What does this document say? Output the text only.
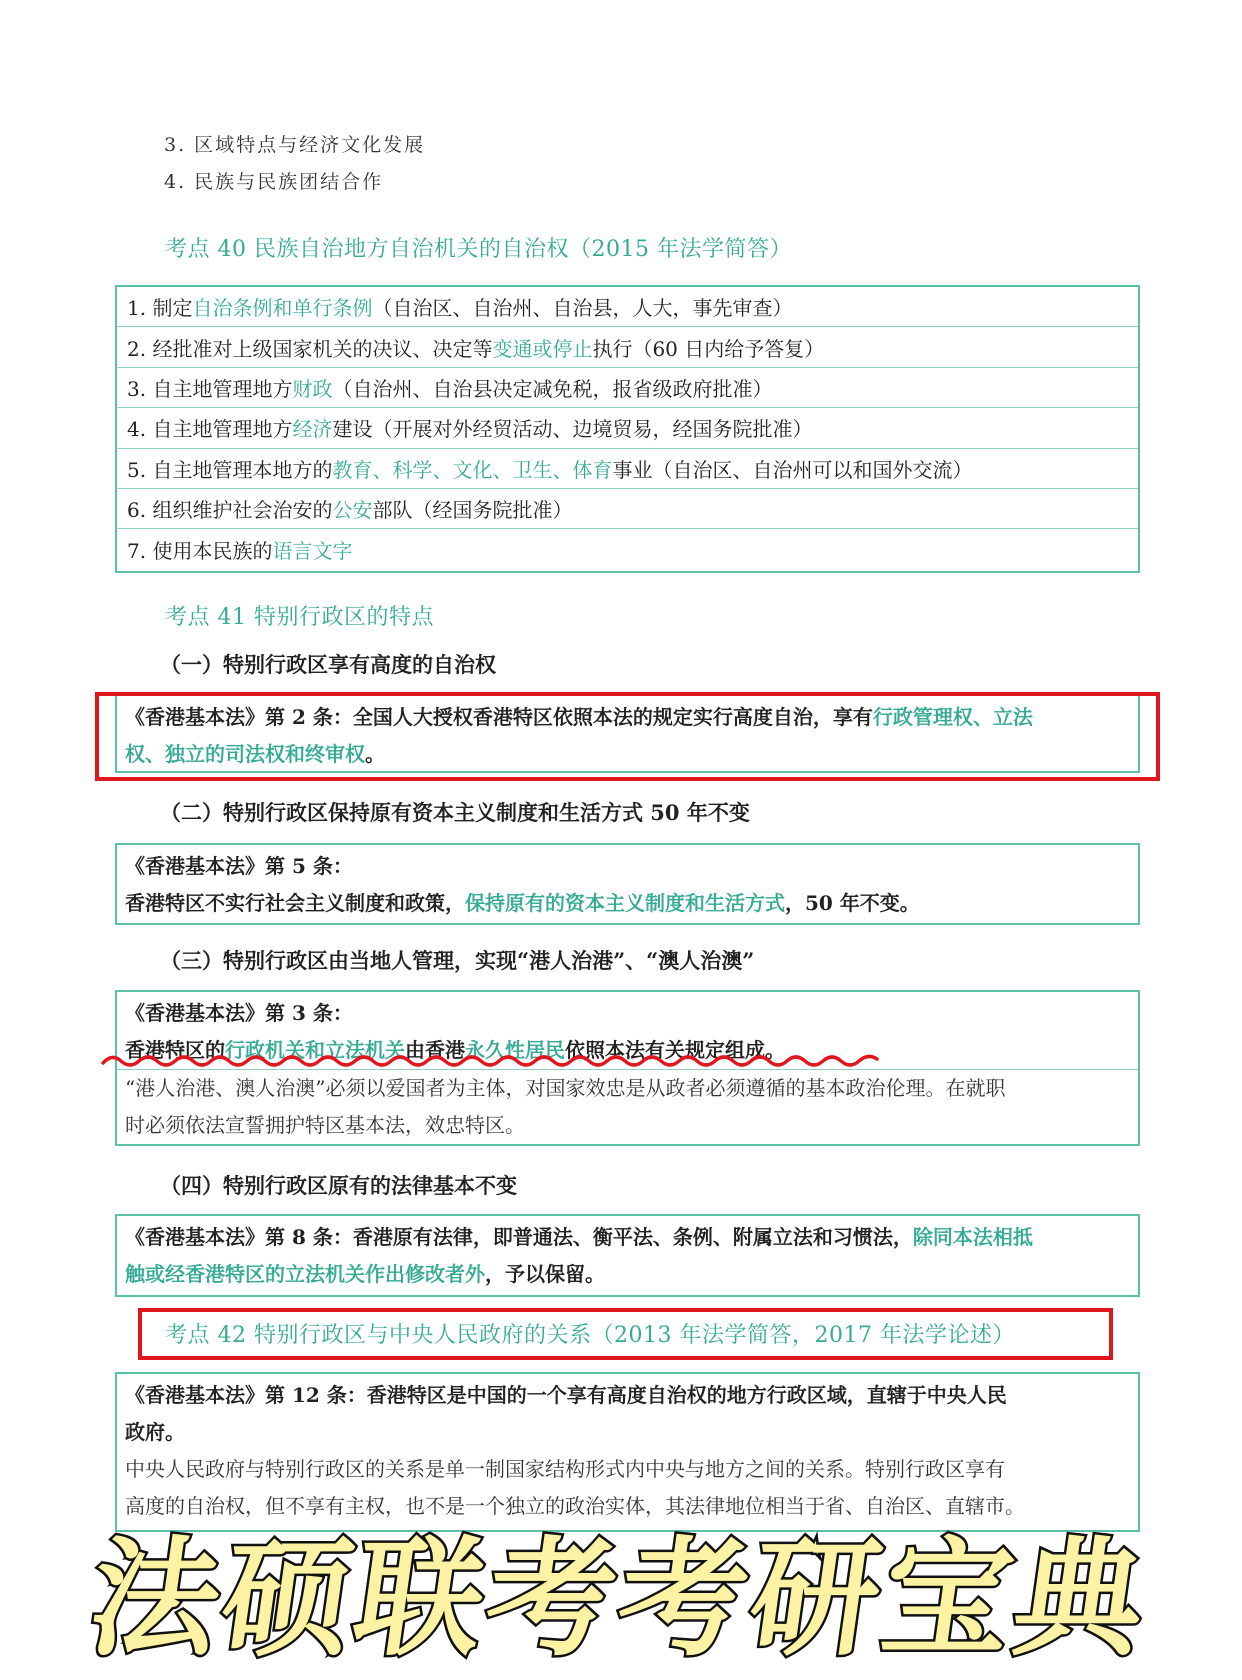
3. 区域特点与经济文化发展
4. 民族与民族团结合作
考点 40 民族自治地方自治机关的自治权（2015 年法学简答）
1. 制定 自治条例和单行条例 （自治区、自治州、自治县，人大，事先审查）
2. 经批准对上级国家机关的决议、决定等 变通或停止 执行（60 日内给予答复）
3. 自主地管理地方 财政 （自治州、自治县决定减免税，报省级政府批准）
4. 自主地管理地方 经济 建设（开展对外经贸活动、边境贸易，经国务院批准）
5. 自主地管理本地方的 教育、科学、文化、卫生、体育 事业（自治区、自治州可以和国外交流）
6. 组织维护社会治安的 公安 部队（经国务院批准）
7. 使用本民族的 语言文字
考点 41 特别行政区的特点
（一）特别行政区享有高度的自治权
《香港基本法》第 2 条：全国人大授权香港特区依照本法的规定实行高度自治，享有行政管理权、立法
权、独立的司法权和终审权。
（二）特别行政区保持原有资本主义制度和生活方式 50 年不变
《香港基本法》第 5 条：
香港特区不实行社会主义制度和政策，保持原有的资本主义制度和生活方式，50 年不变。
（三）特别行政区由当地人管理，实现“港人治港”、“澳人治澳”
《香港基本法》第 3 条：
香港特区的行政机关和立法机关由香港永久性居民依照本法有关规定组成。
“港人治港、澳人治澳”必须以爱国者为主体，对国家效忠是从政者必须遵循的基本政治伦理。在就职
时必须依法宣誓拥护特区基本法，效忠特区。
（四）特别行政区原有的法律基本不变
《香港基本法》第 8 条：香港原有法律，即普通法、衡平法、条例、附属立法和习惯法，除同本法相抵
触或经香港特区的立法机关作出修改者外，予以保留。
考点 42 特别行政区与中央人民政府的关系（2013 年法学简答，2017 年法学论述）
《香港基本法》第 12 条：香港特区是中国的一个享有高度自治权的地方行政区域，直辖于中央人民
政府。
中央人民政府与特别行政区的关系是单一制国家结构形式内中央与地方之间的关系。特别行政区享有
高度的自治权，但不享有主权，也不是一个独立的政治实体，其法律地位相当于省、自治区、直辖市。
法硕联考考研宝典
